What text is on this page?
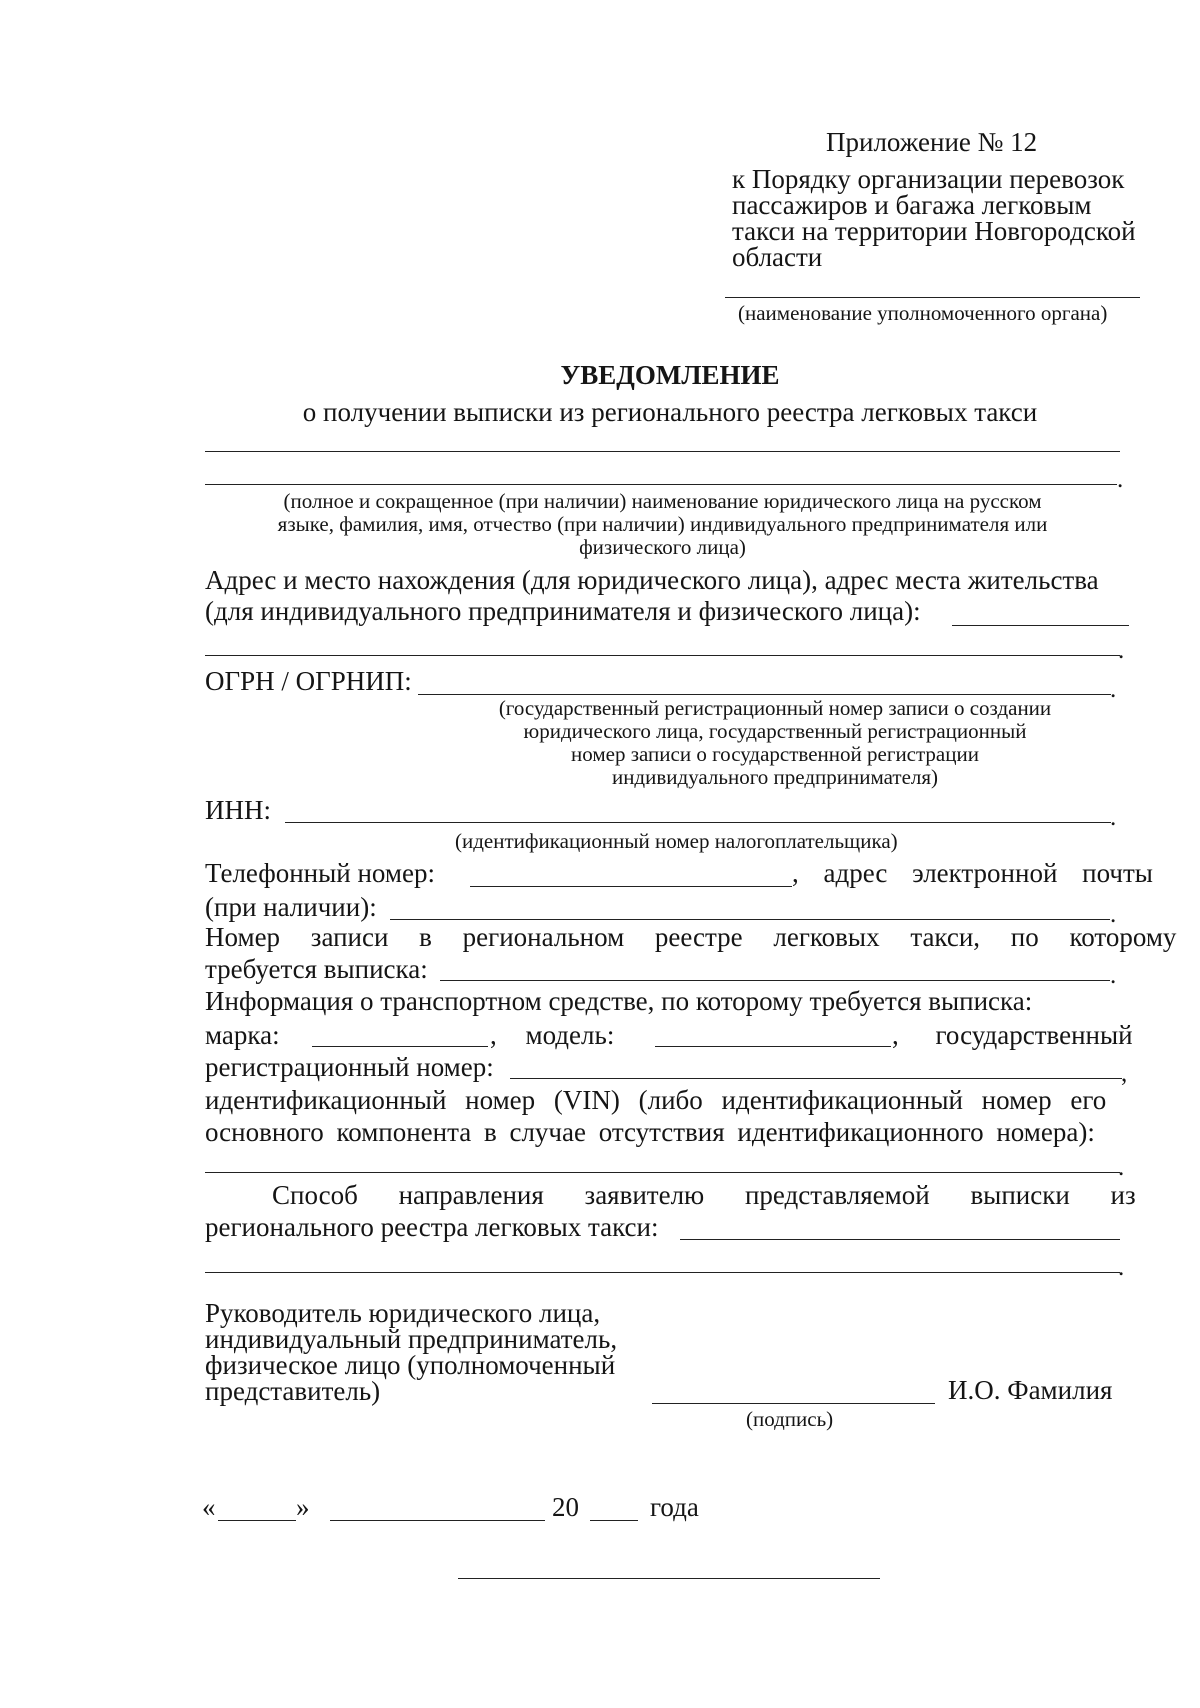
Приложение № 12
к Порядку организации перевозок
пассажиров и багажа легковым
такси на территории Новгородской
области
(наименование уполномоченного органа)
УВЕДОМЛЕНИЕ
о получении выписки из регионального реестра легковых такси
.
(полное и сокращенное (при наличии) наименование юридического лица на русском
языке, фамилия, имя, отчество (при наличии) индивидуального предпринимателя или
физического лица)
Адрес и место нахождения (для юридического лица), адрес места жительства
(для индивидуального предпринимателя и физического лица):
.
ОГРН / ОГРНИП:	.
(государственный регистрационный номер записи о создании
юридического лица, государственный регистрационный
номер записи о государственной регистрации
индивидуального предпринимателя)
ИНН:	.
(идентификационный номер налогоплательщика)
Телефонный номер:	, адрес электронной почты
(при наличии):	.
Номер записи в региональном реестре легковых такси, по которому
требуется выписка:	.
Информация о транспортном средстве, по которому требуется выписка:
марка:	, модель:	, государственный
регистрационный номер:	,
идентификационный номер (VIN) (либо идентификационный номер его
основного компонента в случае отсутствия идентификационного номера):
.
Способ направления заявителю представляемой выписки из
регионального реестра легковых такси:
.
Руководитель юридического лица,
индивидуальный предприниматель,
физическое лицо (уполномоченный
представитель)	И.О. Фамилия
(подпись)
«	»	20	года
